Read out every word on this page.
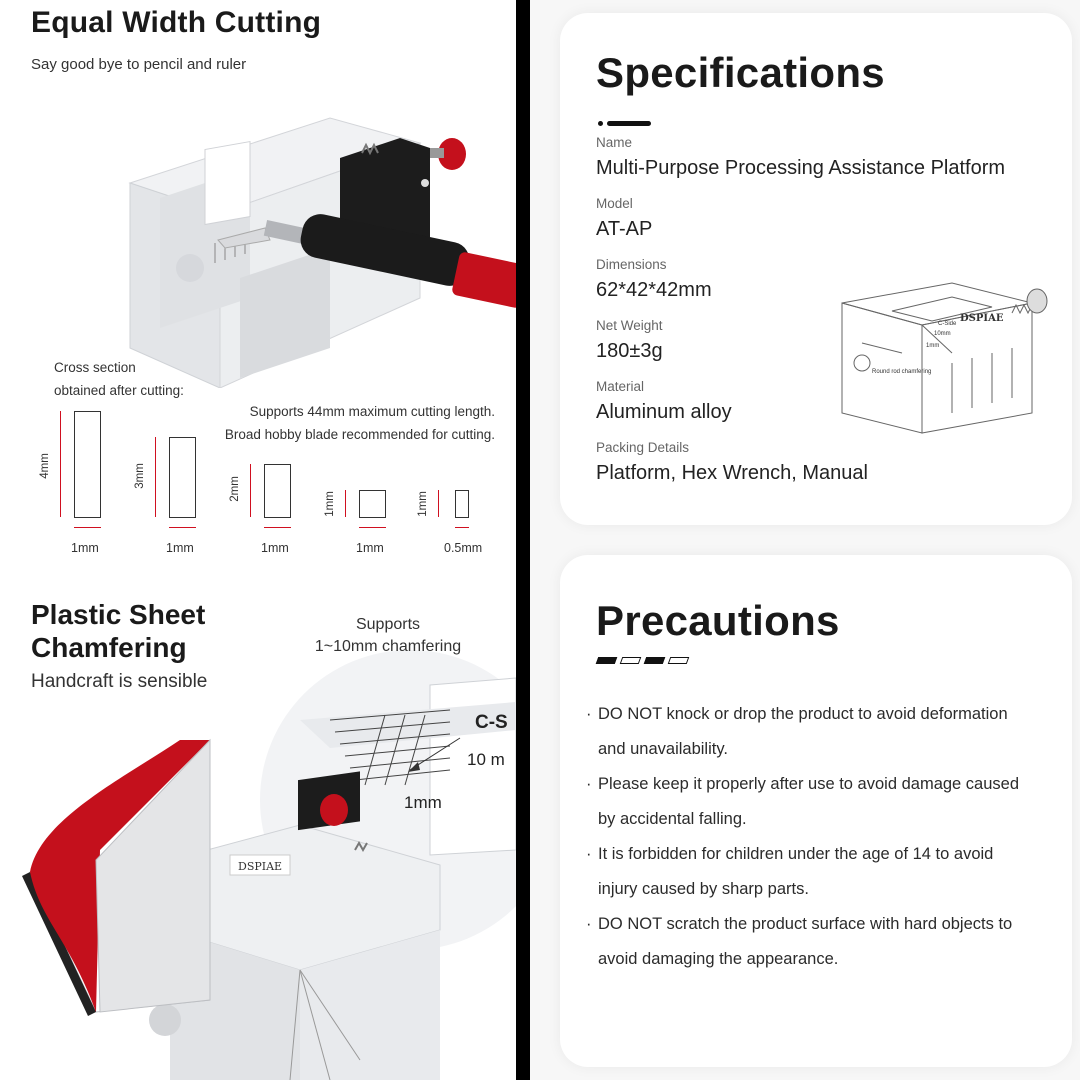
Equal Width Cutting
Say good bye to pencil and ruler
Cross section
obtained after cutting:
Supports 44mm maximum cutting length.
Broad hobby blade recommended for cutting.
4mm
1mm
3mm
1mm
2mm
1mm
1mm
1mm
1mm
0.5mm
C-S
10 m
1mm
DSPIAE
Plastic Sheet
Chamfering
Handcraft is sensible
Supports
1~10mm chamfering
Specifications
Name
Multi-Purpose Processing Assistance Platform
Model
AT-AP
Dimensions
62*42*42mm
Net Weight
180±3g
Material
Aluminum alloy
Packing Details
Platform, Hex Wrench, Manual
DSPIAE
C-Side
10mm
1mm
Round rod chamfering
Precautions
· DO NOT knock or drop the product to avoid deformation
and unavailability.
· Please keep it properly after use to avoid damage caused
by accidental falling.
· It is forbidden for children under the age of 14 to avoid
injury caused by sharp parts.
· DO NOT scratch the product surface with hard objects to
avoid damaging the appearance.
